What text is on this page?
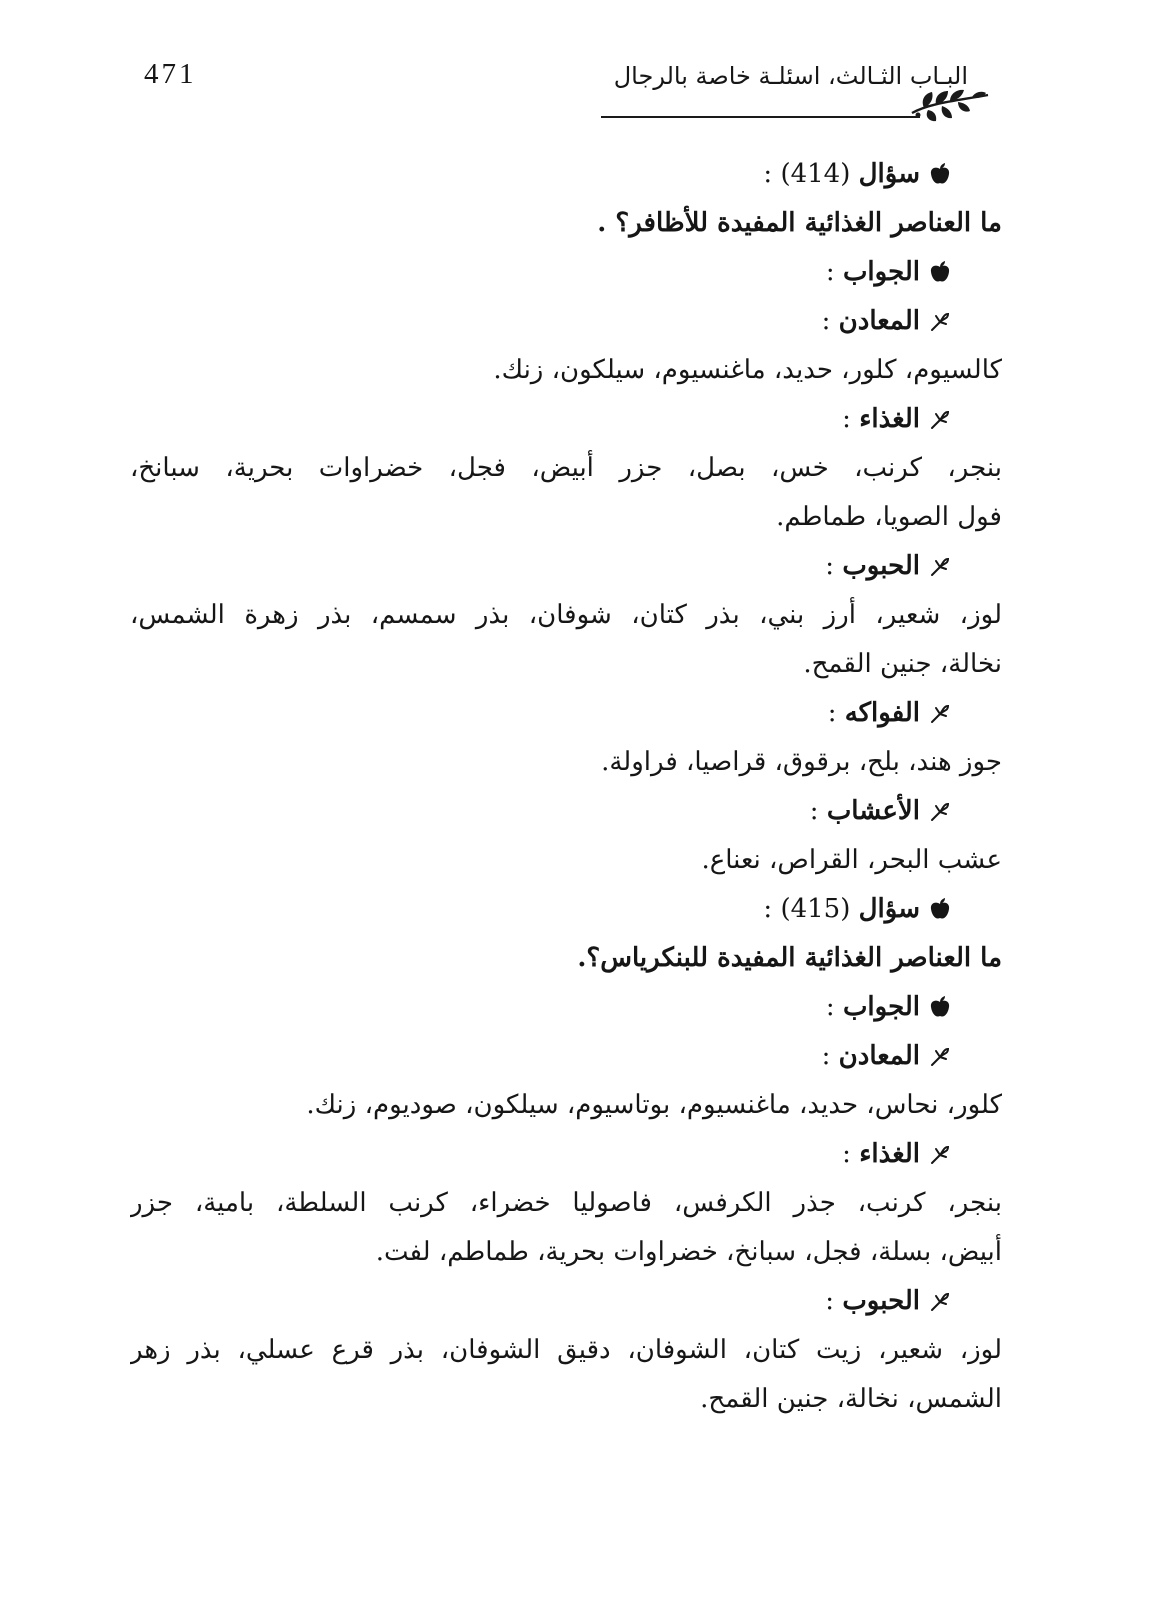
471	البـاب الثـالث، اسئلـة خاصة بالرجال
سؤال (414) :
ما العناصر الغذائية المفيدة للأظافر؟ .
الجواب :
المعادن :
كالسيوم، كلور، حديد، ماغنسيوم، سيلكون، زنك.
الغذاء :
بنجر، كرنب، خس، بصل، جزر أبيض، فجل، خضراوات بحرية، سبانخ،
فول الصويا، طماطم.
الحبوب :
لوز، شعير، أرز بني، بذر كتان، شوفان، بذر سمسم، بذر زهرة الشمس،
نخالة، جنين القمح.
الفواكه :
جوز هند، بلح، برقوق، قراصيا، فراولة.
الأعشاب :
عشب البحر، القراص، نعناع.
سؤال (415) :
ما العناصر الغذائية المفيدة للبنكرياس؟.
الجواب :
المعادن :
كلور، نحاس، حديد، ماغنسيوم، بوتاسيوم، سيلكون، صوديوم، زنك.
الغذاء :
بنجر، كرنب، جذر الكرفس، فاصوليا خضراء، كرنب السلطة، بامية، جزر
أبيض، بسلة، فجل، سبانخ، خضراوات بحرية، طماطم، لفت.
الحبوب :
لوز، شعير، زيت كتان، الشوفان، دقيق الشوفان، بذر قرع عسلي، بذر زهر
الشمس، نخالة، جنين القمح.
